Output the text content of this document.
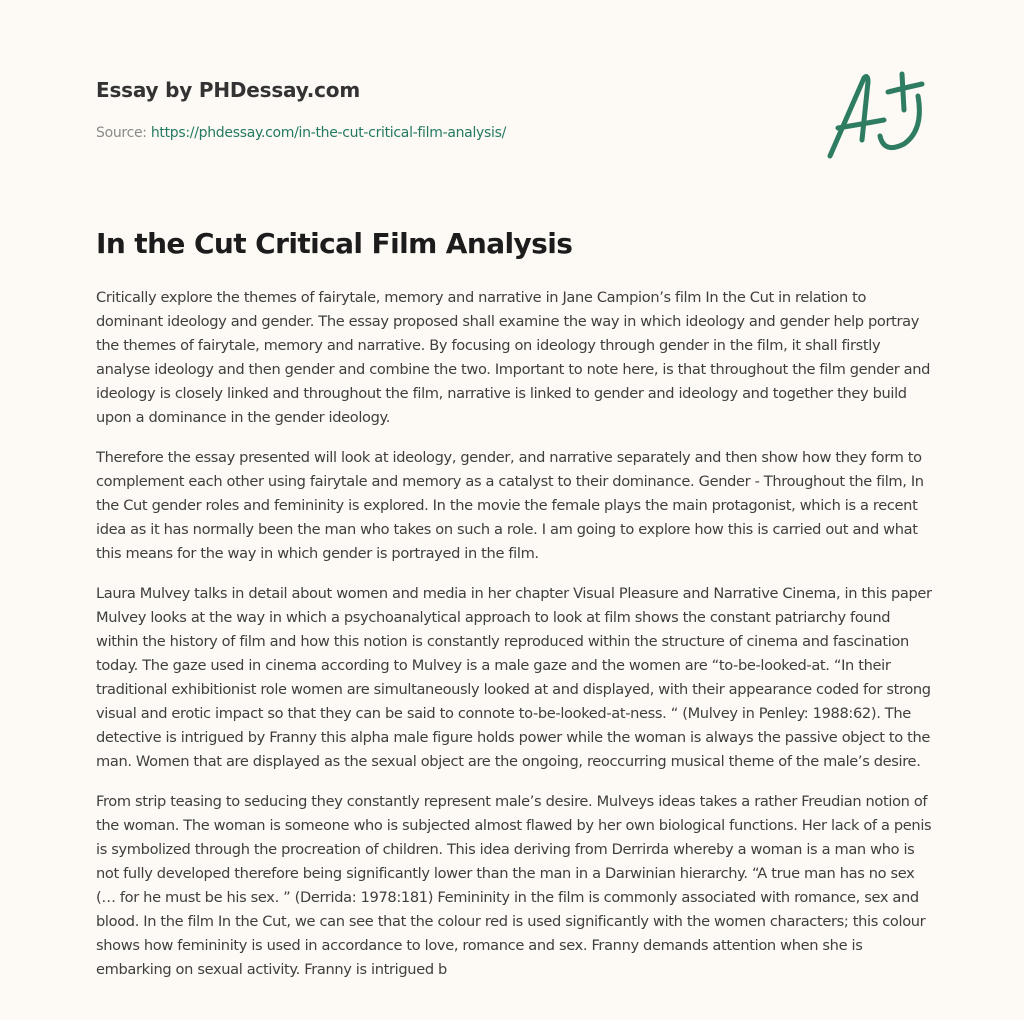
Essay by PHDessay.com
Source: https://phdessay.com/in-the-cut-critical-film-analysis/
In the Cut Critical Film Analysis

Critically explore the themes of fairytale, memory and narrative in Jane Campion’s film In the Cut in relation to dominant ideology and gender. The essay proposed shall examine the way in which ideology and gender help portray the themes of fairytale, memory and narrative. By focusing on ideology through gender in the film, it shall firstly analyse ideology and then gender and combine the two. Important to note here, is that throughout the film gender and ideology is closely linked and throughout the film, narrative is linked to gender and ideology and together they build upon a dominance in the gender ideology.

Therefore the essay presented will look at ideology, gender, and narrative separately and then show how they form to complement each other using fairytale and memory as a catalyst to their dominance. Gender - Throughout the film, In the Cut gender roles and femininity is explored. In the movie the female plays the main protagonist, which is a recent idea as it has normally been the man who takes on such a role. I am going to explore how this is carried out and what this means for the way in which gender is portrayed in the film.

Laura Mulvey talks in detail about women and media in her chapter Visual Pleasure and Narrative Cinema, in this paper Mulvey looks at the way in which a psychoanalytical approach to look at film shows the constant patriarchy found within the history of film and how this notion is constantly reproduced within the structure of cinema and fascination today. The gaze used in cinema according to Mulvey is a male gaze and the women are “to-be-looked-at. “In their traditional exhibitionist role women are simultaneously looked at and displayed, with their appearance coded for strong visual and erotic impact so that they can be said to connote to-be-looked-at-ness. “ (Mulvey in Penley: 1988:62). The detective is intrigued by Franny this alpha male figure holds power while the woman is always the passive object to the man. Women that are displayed as the sexual object are the ongoing, reoccurring musical theme of the male’s desire.

From strip teasing to seducing they constantly represent male’s desire. Mulveys ideas takes a rather Freudian notion of the woman. The woman is someone who is subjected almost flawed by her own biological functions. Her lack of a penis is symbolized through the procreation of children. This idea deriving from Derrirda whereby a woman is a man who is not fully developed therefore being significantly lower than the man in a Darwinian hierarchy. “A true man has no sex (… for he must be his sex. ” (Derrida: 1978:181) Femininity in the film is commonly associated with romance, sex and blood. In the film In the Cut, we can see that the colour red is used significantly with the women characters; this colour shows how femininity is used in accordance to love, romance and sex. Franny demands attention when she is embarking on sexual activity. Franny is intrigued b
